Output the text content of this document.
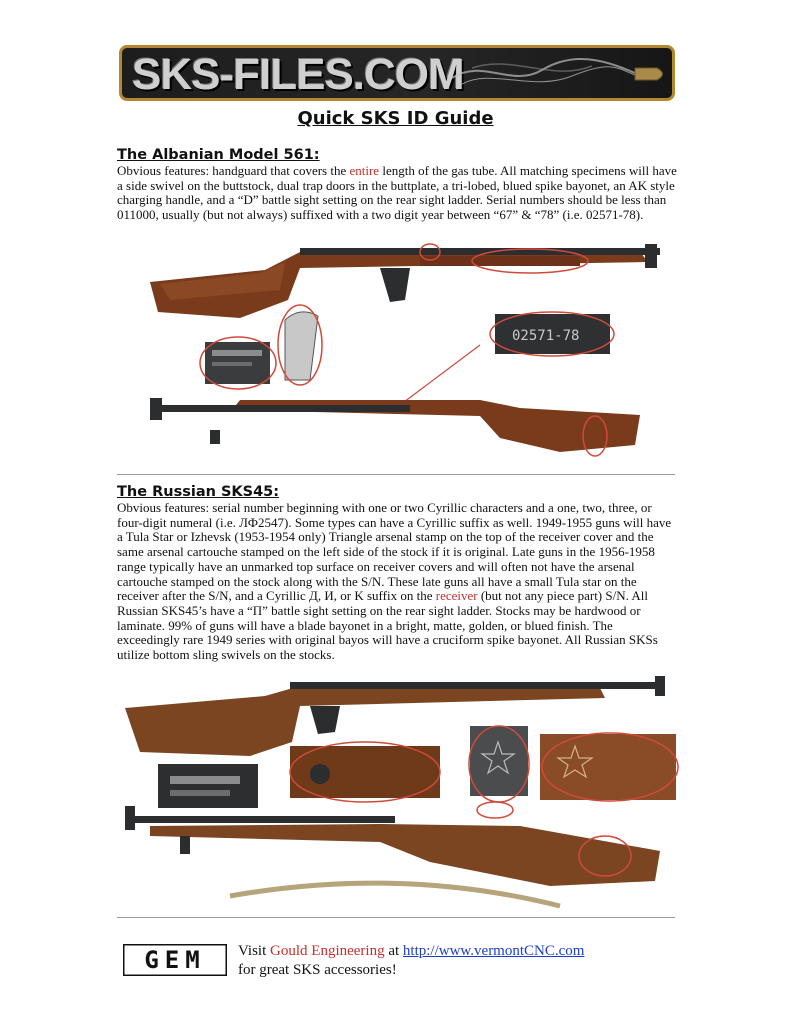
SKS-FILES.COM
Quick SKS ID Guide
The Albanian Model 561:
Obvious features: handguard that covers the entire length of the gas tube. All matching specimens will have a side swivel on the buttstock, dual trap doors in the buttplate, a tri-lobed, blued spike bayonet, an AK style charging handle, and a “D” battle sight setting on the rear sight ladder. Serial numbers should be less than 011000, usually (but not always) suffixed with a two digit year between “67” & “78” (i.e. 02571-78).
02571-78
The Russian SKS45:
Obvious features: serial number beginning with one or two Cyrillic characters and a one, two, three, or four-digit numeral (i.e. ЛФ2547). Some types can have a Cyrillic suffix as well. 1949-1955 guns will have a Tula Star or Izhevsk (1953-1954 only) Triangle arsenal stamp on the top of the receiver cover and the same arsenal cartouche stamped on the left side of the stock if it is original. Late guns in the 1956-1958 range typically have an unmarked top surface on receiver covers and will often not have the arsenal cartouche stamped on the stock along with the S/N. These late guns all have a small Tula star on the receiver after the S/N, and a Cyrillic Д, И, or K suffix on the receiver (but not any piece part) S/N. All Russian SKS45’s have a “П” battle sight setting on the rear sight ladder. Stocks may be hardwood or laminate. 99% of guns will have a blade bayonet in a bright, matte, golden, or blued finish. The exceedingly rare 1949 series with original bayos will have a cruciform spike bayonet. All Russian SKSs utilize bottom sling swivels on the stocks.
GEM Visit Gould Engineering at http://www.vermontCNC.com
for great SKS accessories!
